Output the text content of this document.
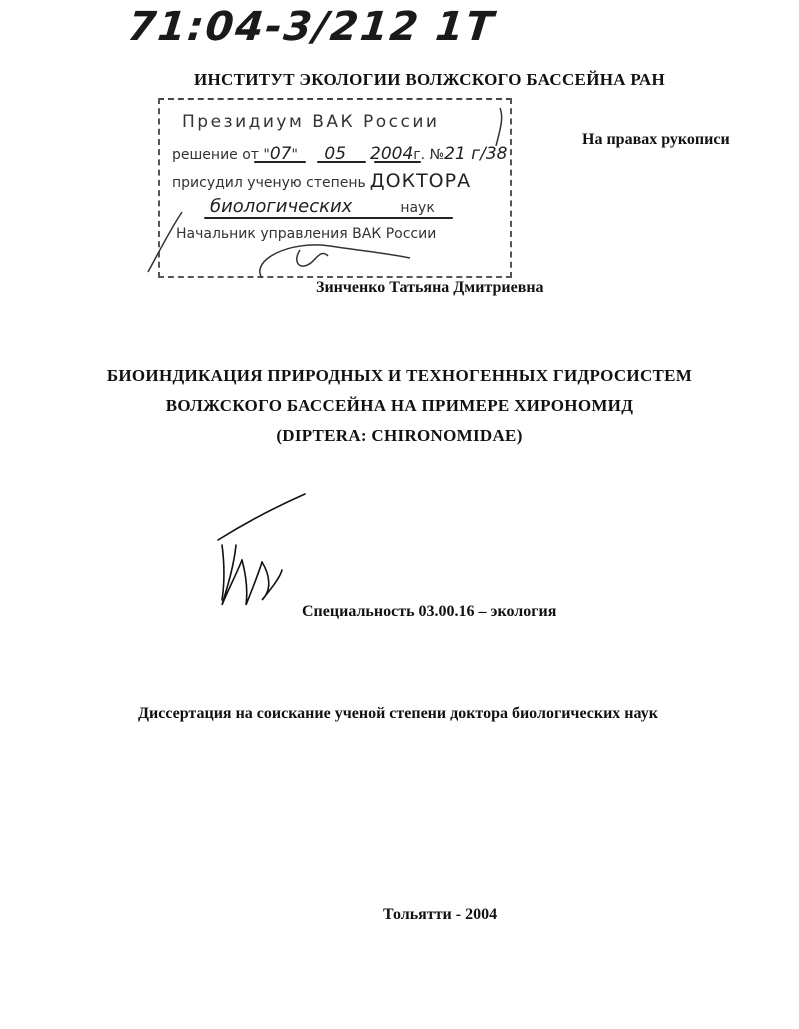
71:04-3/212 1Т
ИНСТИТУТ ЭКОЛОГИИ ВОЛЖСКОГО БАССЕЙНА РАН
На правах рукописи
Президиум ВАК России
решение от "07" 05 2004г. №21 г/38
присудил ученую степень ДОКТОРА
биологических	наук
Начальник управления ВАК России
Зинченко Татьяна Дмитриевна
БИОИНДИКАЦИЯ ПРИРОДНЫХ И ТЕХНОГЕННЫХ ГИДРОСИСТЕМ
ВОЛЖСКОГО БАССЕЙНА НА ПРИМЕРЕ ХИРОНОМИД
(DIPTERA: CHIRONOMIDAE)
Специальность 03.00.16 – экология
Диссертация на соискание ученой степени доктора биологических наук
Тольятти - 2004
